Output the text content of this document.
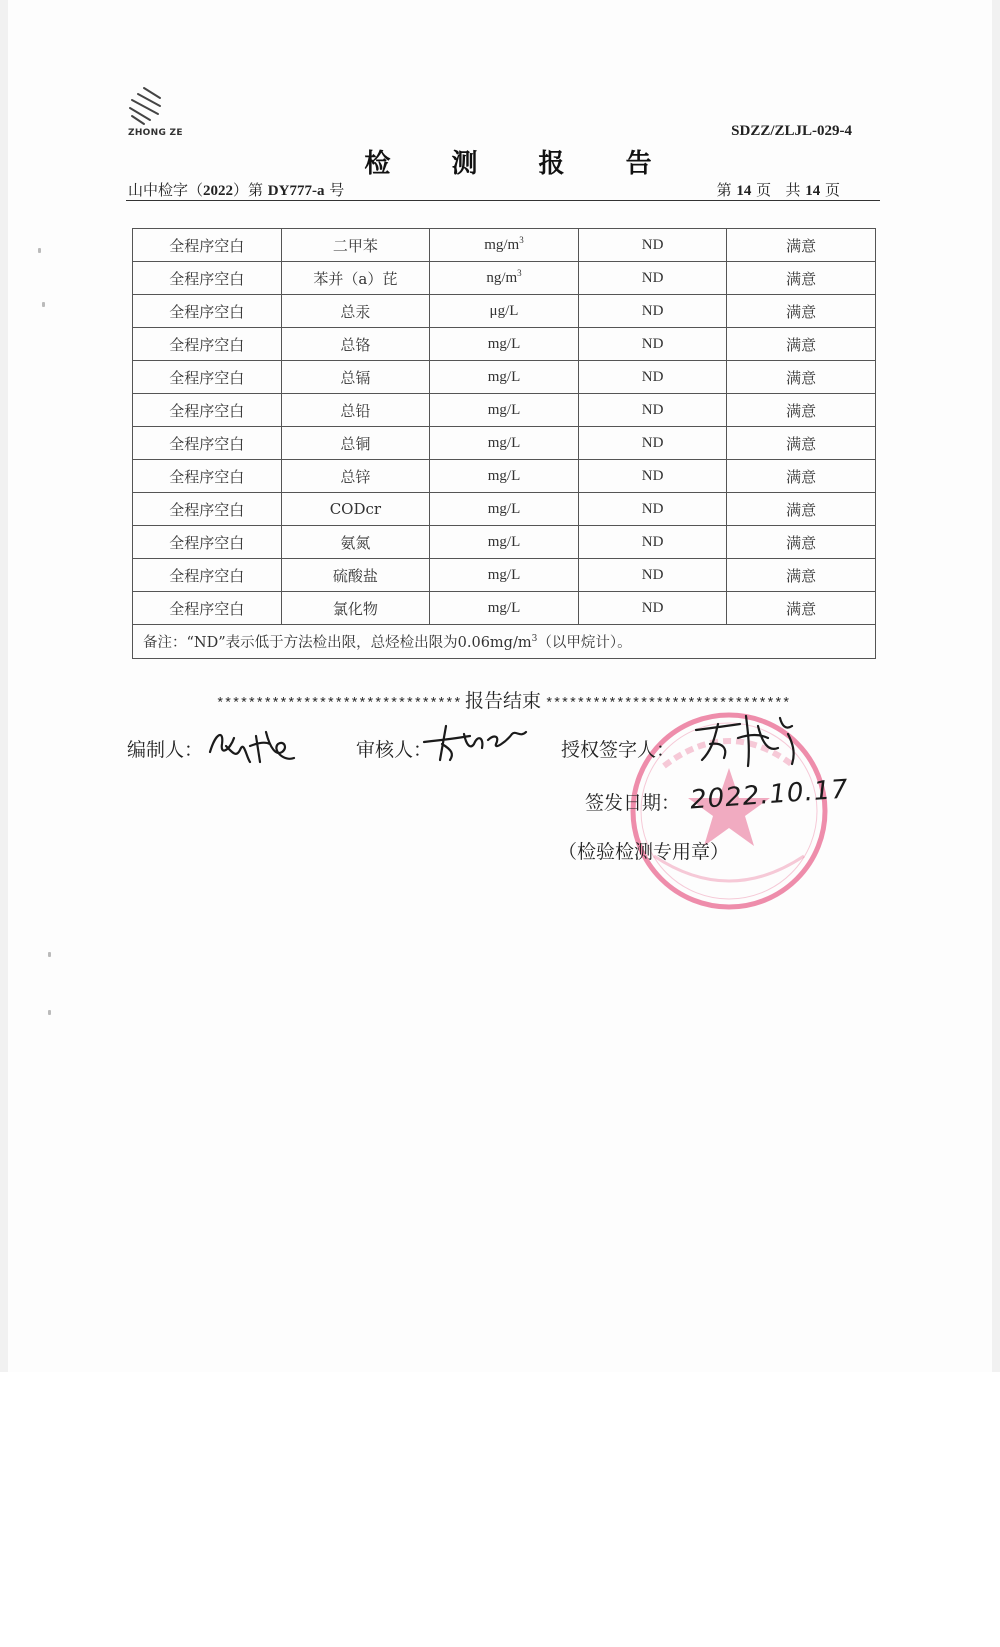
ZHONG ZE	SDZZ/ZLJL-029-4
检 测 报 告
山中检字（2022）第 DY777-a 号	第 14 页   共 14 页
全程序空白	二甲苯	$mg/m^3$	ND	满意
全程序空白	苯并（a）芘	$ng/m^3$	ND	满意
全程序空白	总汞	μg/L	ND	满意
全程序空白	总铬	mg/L	ND	满意
全程序空白	总镉	mg/L	ND	满意
全程序空白	总铅	mg/L	ND	满意
全程序空白	总铜	mg/L	ND	满意
全程序空白	总锌	mg/L	ND	满意
全程序空白	CODcr	mg/L	ND	满意
全程序空白	氨氮	mg/L	ND	满意
全程序空白	硫酸盐	mg/L	ND	满意
全程序空白	氯化物	mg/L	ND	满意
备注：“ND”表示低于方法检出限，总烃检出限为$0.06mg/m^3$（以甲烷计）。				
******************************* 报告结束 *******************************
编制人：	审核人：	授权签字人：
签发日期： 2022.10.17
（检验检测专用章）
